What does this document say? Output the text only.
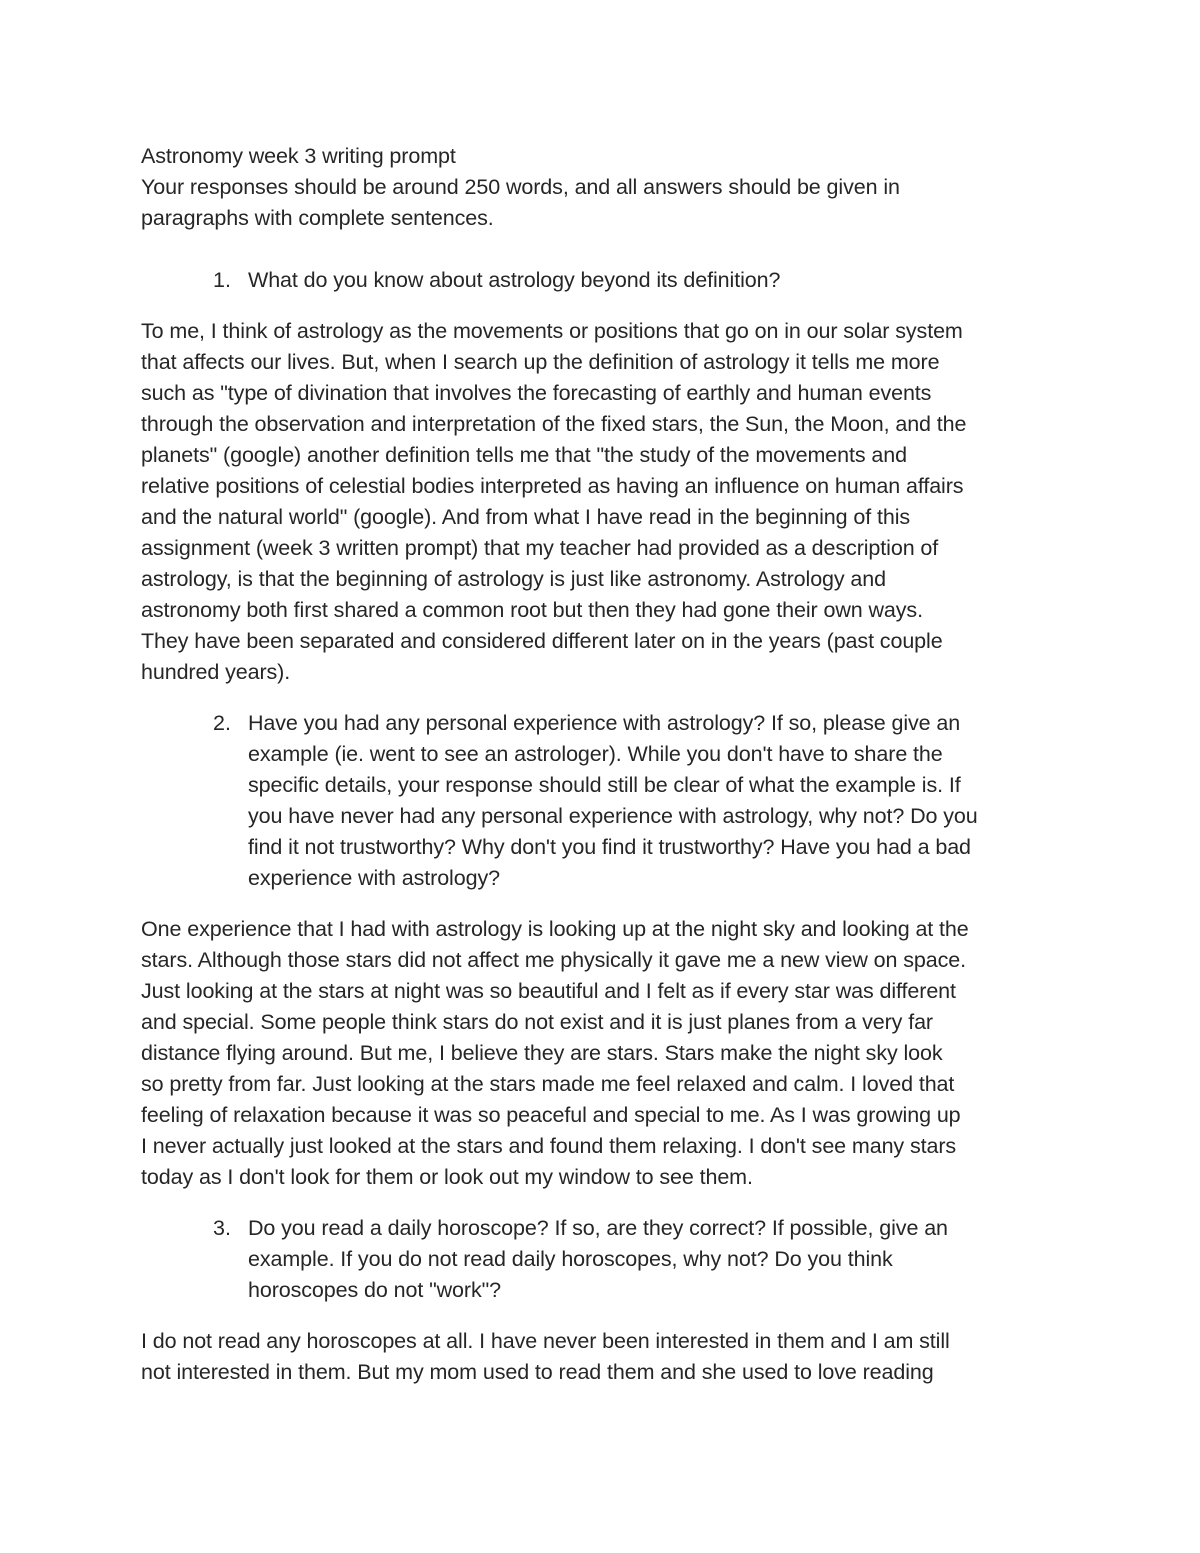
Astronomy week 3 writing prompt
Your responses should be around 250 words, and all answers should be given in
paragraphs with complete sentences.
1. What do you know about astrology beyond its definition?
To me, I think of astrology as the movements or positions that go on in our solar system
that affects our lives. But, when I search up the definition of astrology it tells me more
such as "type of divination that involves the forecasting of earthly and human events
through the observation and interpretation of the fixed stars, the Sun, the Moon, and the
planets" (google) another definition tells me that "the study of the movements and
relative positions of celestial bodies interpreted as having an influence on human affairs
and the natural world" (google). And from what I have read in the beginning of this
assignment (week 3 written prompt) that my teacher had provided as a description of
astrology, is that the beginning of astrology is just like astronomy. Astrology and
astronomy both first shared a common root but then they had gone their own ways.
They have been separated and considered different later on in the years (past couple
hundred years).
2. Have you had any personal experience with astrology? If so, please give an
example (ie. went to see an astrologer). While you don't have to share the
specific details, your response should still be clear of what the example is. If
you have never had any personal experience with astrology, why not? Do you
find it not trustworthy? Why don't you find it trustworthy? Have you had a bad
experience with astrology?
One experience that I had with astrology is looking up at the night sky and looking at the
stars. Although those stars did not affect me physically it gave me a new view on space.
Just looking at the stars at night was so beautiful and I felt as if every star was different
and special. Some people think stars do not exist and it is just planes from a very far
distance flying around. But me, I believe they are stars. Stars make the night sky look
so pretty from far. Just looking at the stars made me feel relaxed and calm. I loved that
feeling of relaxation because it was so peaceful and special to me. As I was growing up
I never actually just looked at the stars and found them relaxing. I don't see many stars
today as I don't look for them or look out my window to see them.
3. Do you read a daily horoscope? If so, are they correct? If possible, give an
example. If you do not read daily horoscopes, why not? Do you think
horoscopes do not "work"?
I do not read any horoscopes at all. I have never been interested in them and I am still
not interested in them. But my mom used to read them and she used to love reading
